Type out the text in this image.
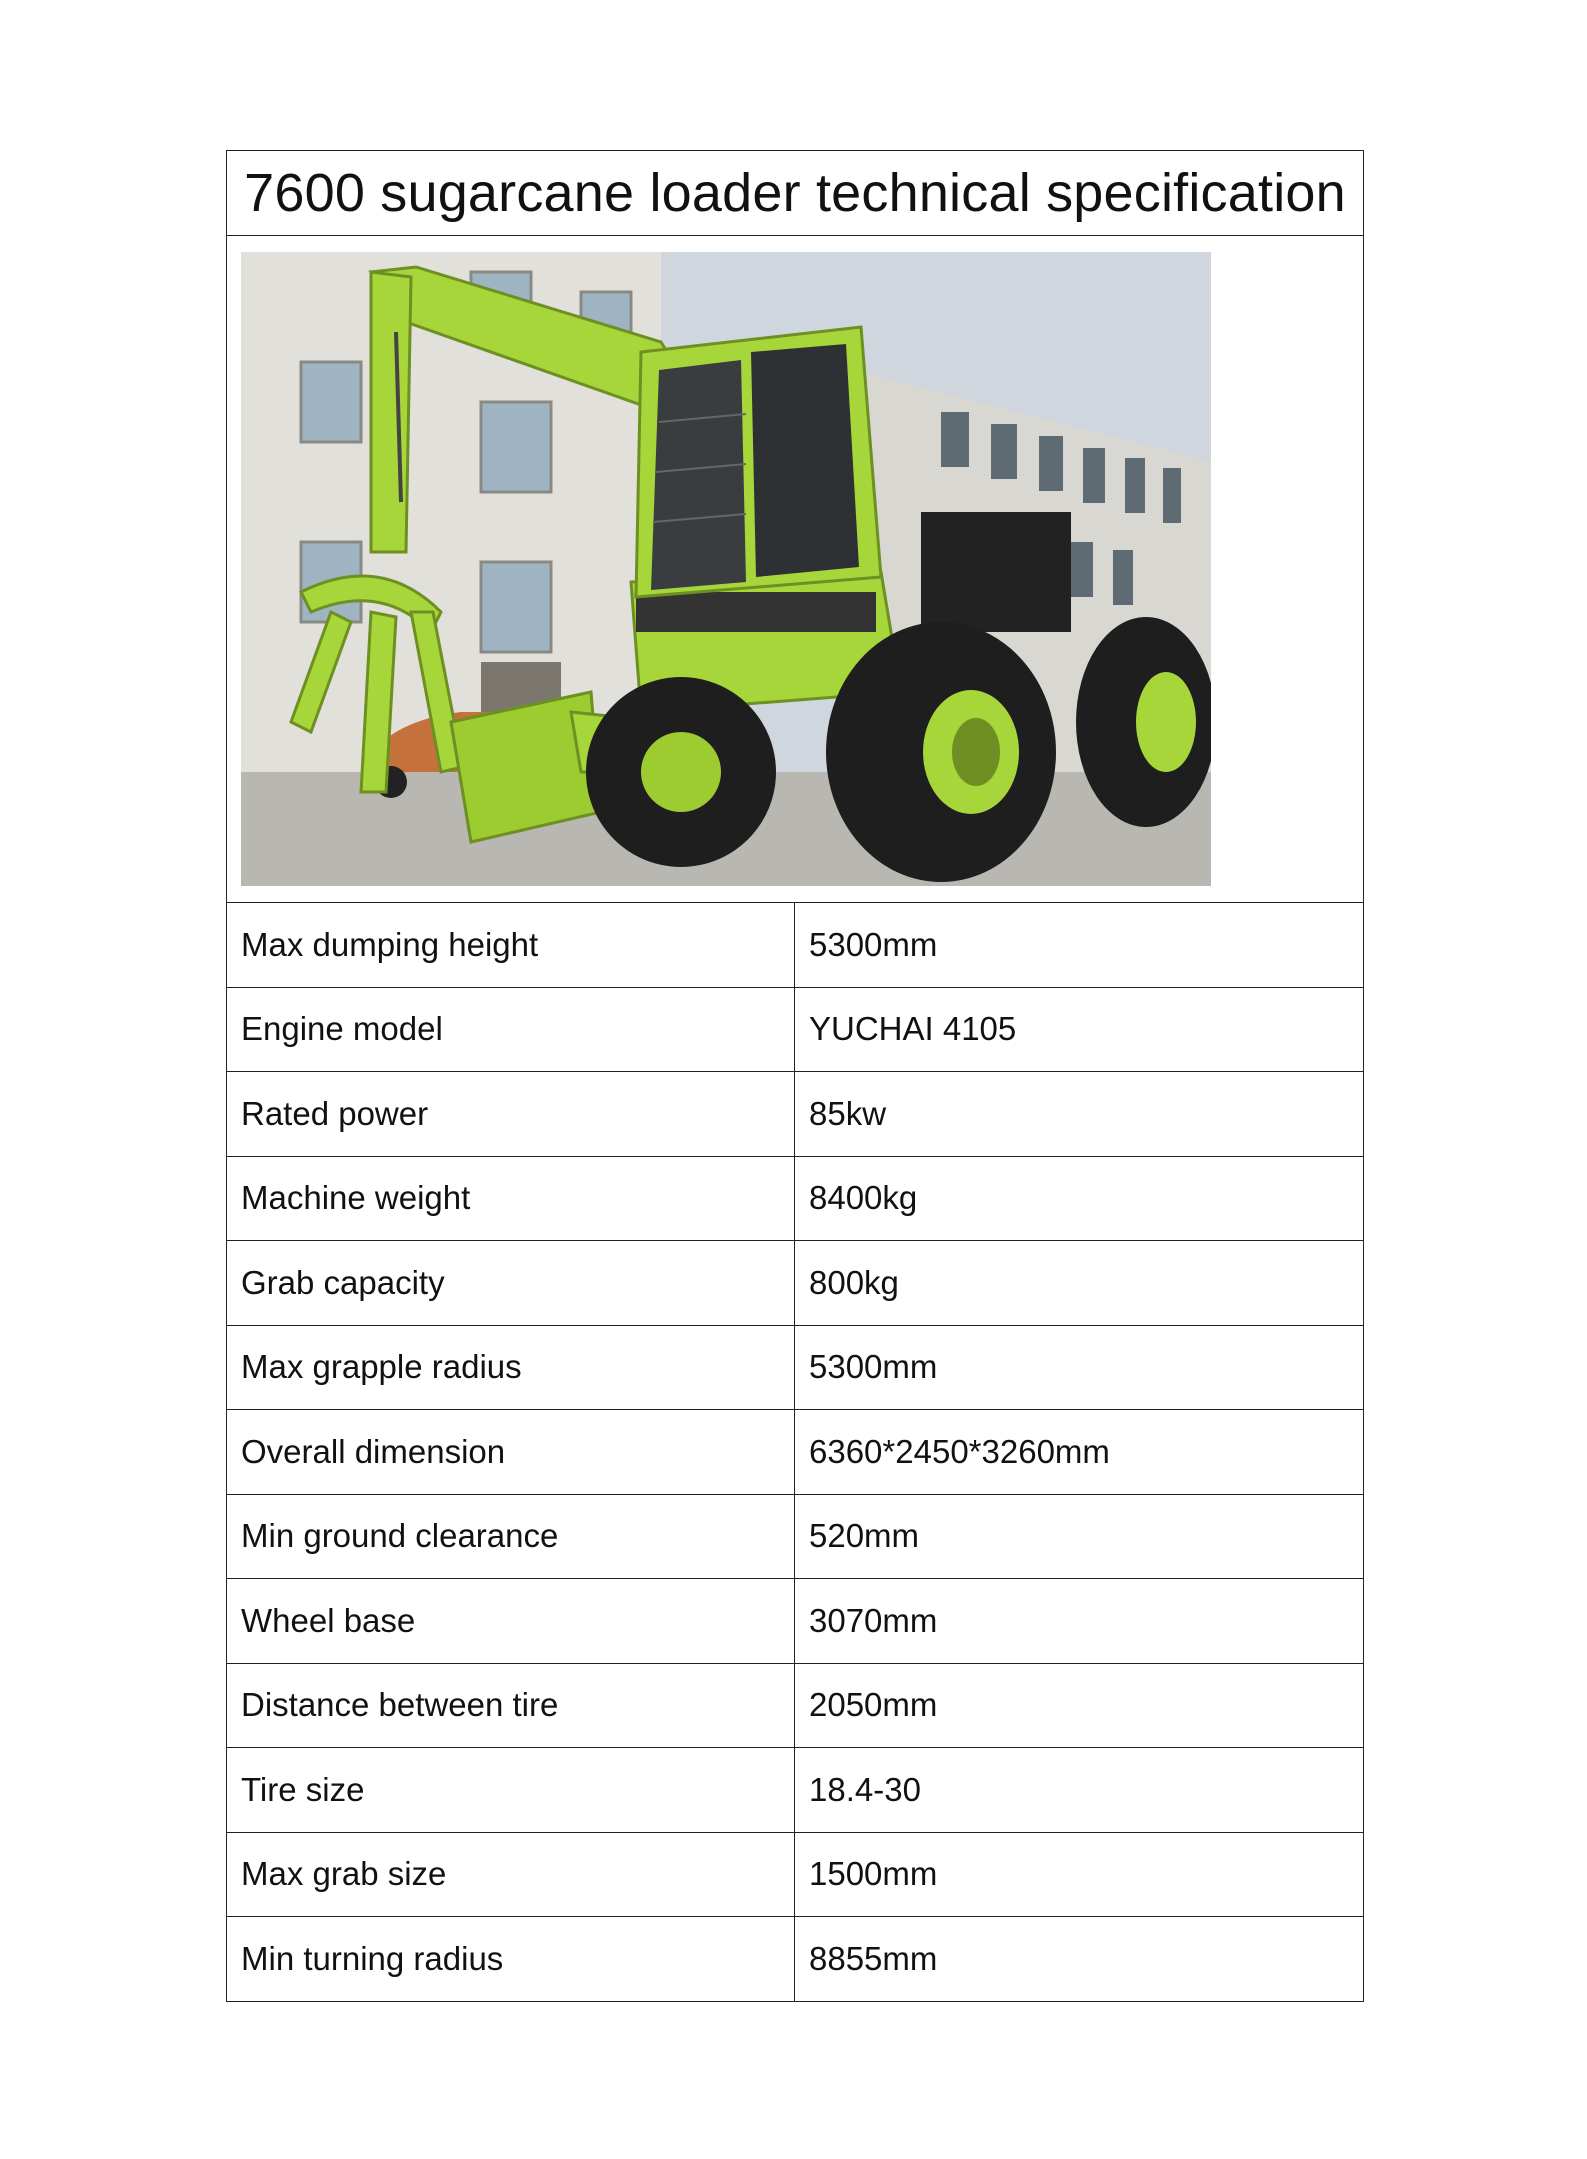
7600 sugarcane loader technical specification	

Max dumping height	5300mm
Engine model	YUCHAI 4105
Rated power	85kw
Machine weight	8400kg
Grab capacity	800kg
Max grapple radius	5300mm
Overall dimension	6360*2450*3260mm
Min ground clearance	520mm
Wheel base	3070mm
Distance between tire	2050mm
Tire size	18.4-30
Max grab size	1500mm
Min turning radius	8855mm
